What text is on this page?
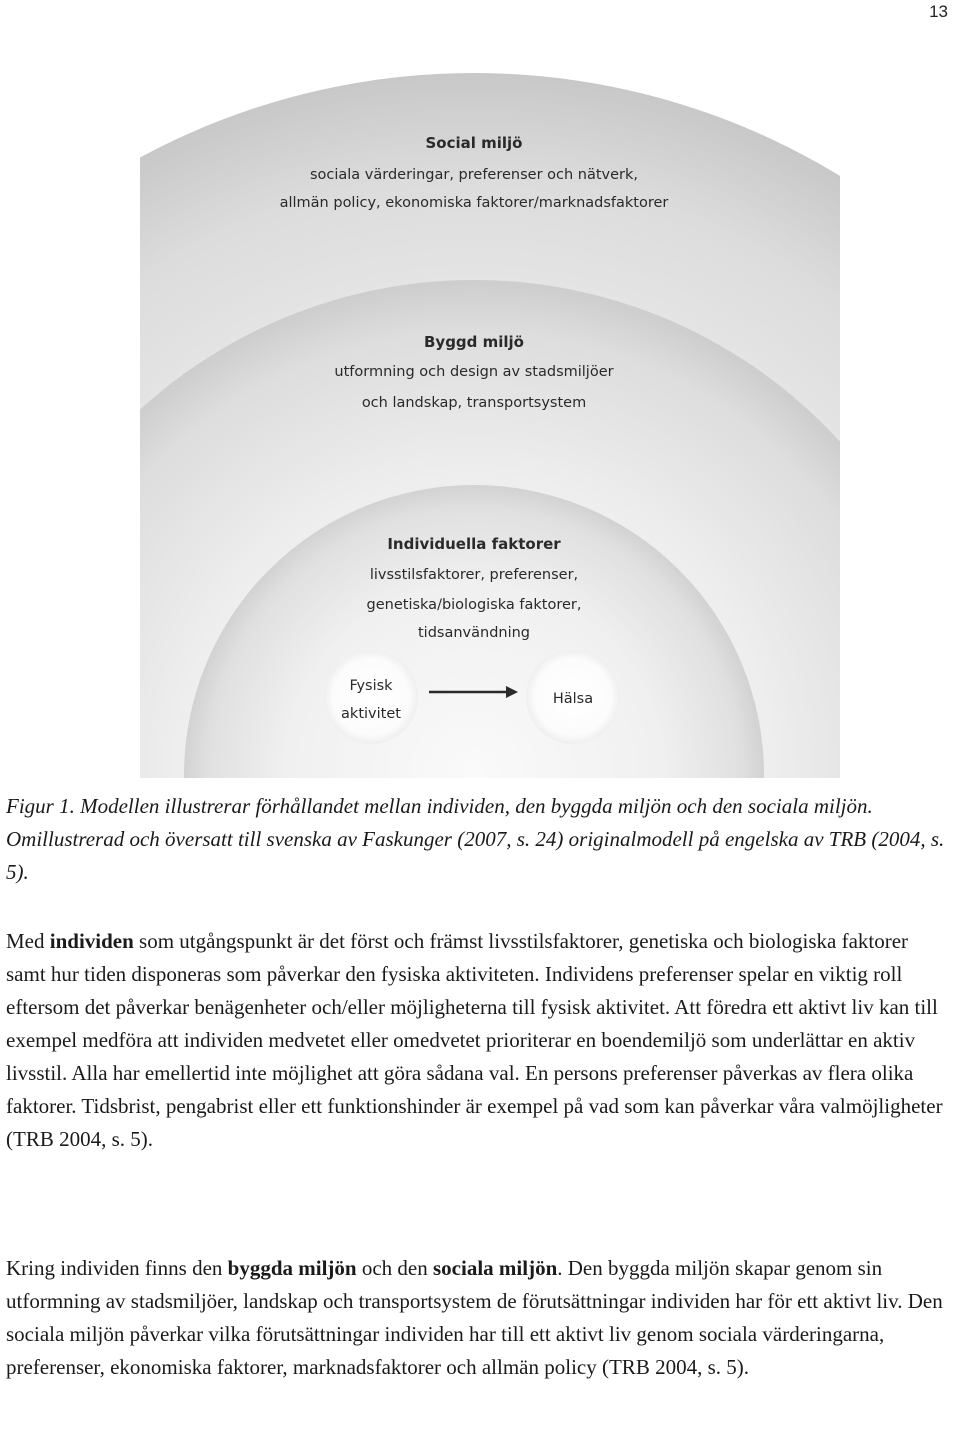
13
Social miljö
sociala värderingar, preferenser och nätverk,
allmän policy, ekonomiska faktorer/marknadsfaktorer
Byggd miljö
utformning och design av stadsmiljöer
och landskap, transportsystem
Individuella faktorer
livsstilsfaktorer, preferenser,
genetiska/biologiska faktorer,
tidsanvändning
Fysisk
aktivitet
Hälsa

Figur 1. Modellen illustrerar förhållandet mellan individen, den byggda miljön och den sociala miljön. Omillustrerad och översatt till svenska av Faskunger (2007, s. 24) originalmodell på engelska av TRB (2004, s. 5).

Med individen som utgångspunkt är det först och främst livsstilsfaktorer, genetiska och biologiska faktorer samt hur tiden disponeras som påverkar den fysiska aktiviteten. Individens preferenser spelar en viktig roll eftersom det påverkar benägenheter och/eller möjligheterna till fysisk aktivitet. Att föredra ett aktivt liv kan till exempel medföra att individen medvetet eller omedvetet prioriterar en boendemiljö som underlättar en aktiv livsstil. Alla har emellertid inte möjlighet att göra sådana val. En persons preferenser påverkas av flera olika faktorer. Tidsbrist, pengabrist eller ett funktionshinder är exempel på vad som kan påverkar våra valmöjligheter (TRB 2004, s. 5).

Kring individen finns den byggda miljön och den sociala miljön. Den byggda miljön skapar genom sin utformning av stadsmiljöer, landskap och transportsystem de förutsättningar individen har för ett aktivt liv. Den sociala miljön påverkar vilka förutsättningar individen har till ett aktivt liv genom sociala värderingarna, preferenser, ekonomiska faktorer, marknadsfaktorer och allmän policy (TRB 2004, s. 5).
